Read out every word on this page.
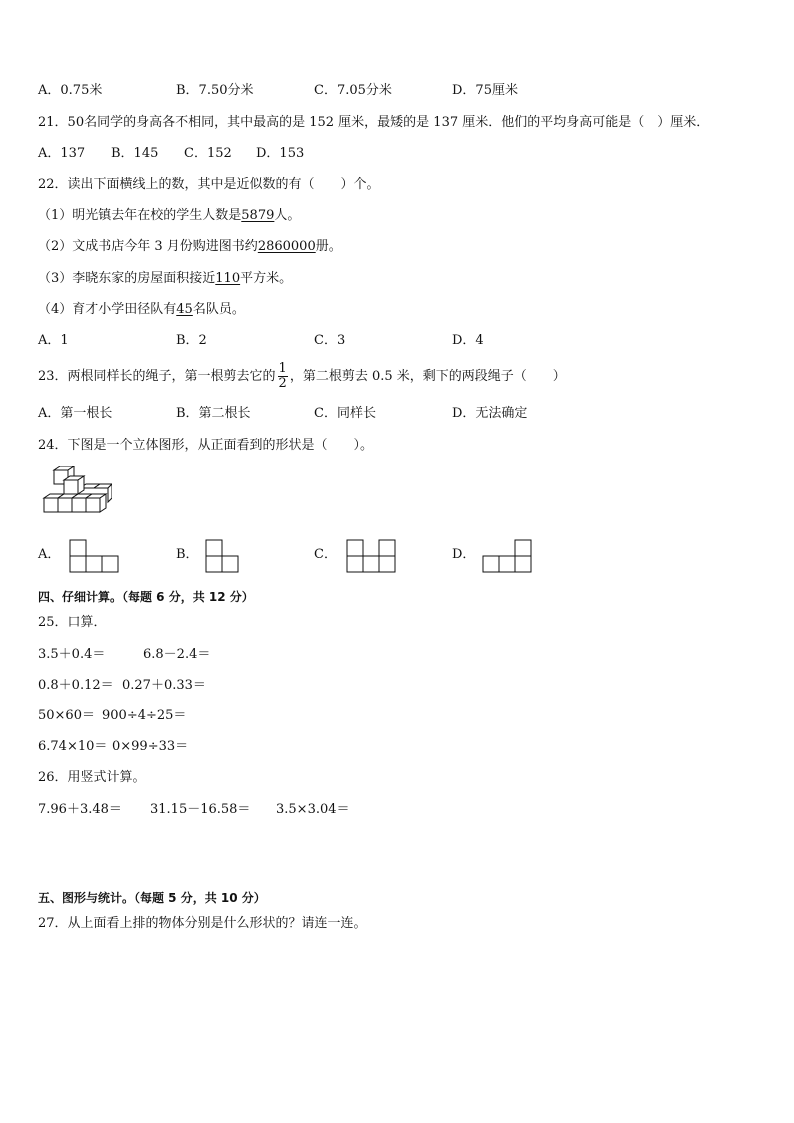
A．0.75米	B．7.50分米	C．7.05分米	D．75厘米
21．50名同学的身高各不相同，其中最高的是 152 厘米，最矮的是 137 厘米．他们的平均身高可能是（　）厘米．
A．137 B．145 C．152 D．153
22．读出下面横线上的数，其中是近似数的有（　　）个。
（1）明光镇去年在校的学生人数是5879人。
（2）文成书店今年 3 月份购进图书约2860000册。
（3）李晓东家的房屋面积接近110平方米。
（4）育才小学田径队有45名队员。
A．1	B．2	C．3	D．4
23．两根同样长的绳子，第一根剪去它的 $\frac{1}{2}$ ，第二根剪去 0.5 米，剩下的两段绳子（　　）
A．第一根长	B．第二根长	C．同样长	D．无法确定
24．下图是一个立体图形，从正面看到的形状是（　　）。
A．	B．	C．	D．
四、仔细计算。（每题 6 分，共 12 分）
25．口算．
3.5＋0.4＝	6.8－2.4＝
0.8＋0.12＝ 0.27＋0.33＝
50×60＝ 900÷4÷25＝
6.74×10＝ 0×99÷33＝
26．用竖式计算。
7.96＋3.48＝ 31.15－16.58＝ 3.5×3.04＝
五、图形与统计。（每题 5 分，共 10 分）
27．从上面看上排的物体分别是什么形状的？请连一连。
